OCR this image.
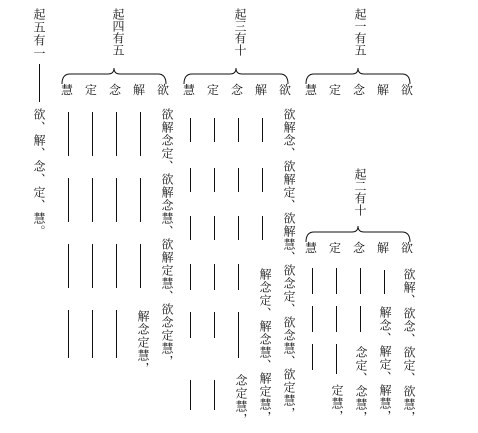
起一有五
慧 定 念 解 欲
起二有十
慧 定 念 解 欲
欲解、欲念、欲定、欲慧，
解念、解定、解慧，
念定、念慧，
定慧，
欲解念、欲解定、欲解慧、欲念定、欲念慧、欲定慧，
解念定、解念慧、解定慧，
念定慧，
起三有十
慧 定 念 解 欲
欲解念定、欲解念慧、欲解定慧、欲念定慧，
解念定慧，
起四有五
慧 定 念 解 欲
起五有一
欲、解、念、定、慧。
